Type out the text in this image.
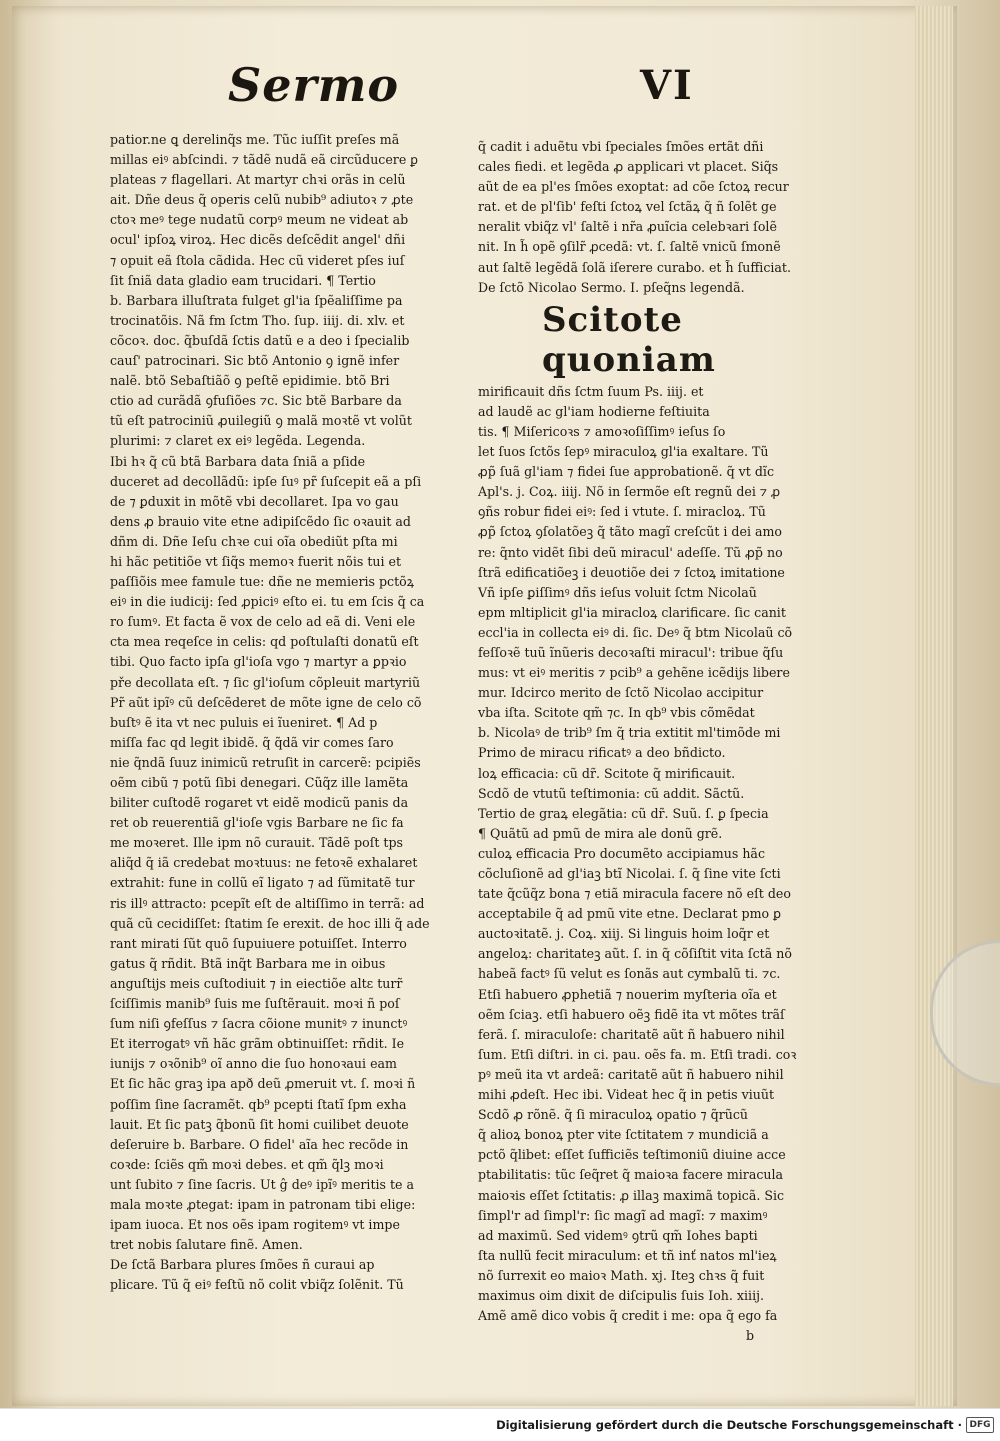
Sermo	VI
patior.ne ꝗ derelinq̃s me. Tũc iuſſit preſes mã
millas eiꝰ abſcindi. ⁊ tãdẽ nudã eã circũducere ꝑ
plateas ⁊ flagellari. At martyr chꝛi orãs in celũ
ait. Dñe deus q̃ operis celũ nubib⁹ adiutoꝛ ⁊ ꝓte
ctoꝛ meꝰ tege nudatũ corpꝰ meum ne videat ab
ocul' ipſoꝝ viroꝝ. Hec dicẽs deſcẽdit angel' dñi
⁊ opuit eã ſtola cãdida. Hec cũ videret pſes iuſ
ſit ſniã data gladio eam trucidari. ¶ Tertio
b. Barbara illuſtrata fulget gl'ia ſpẽaliſſime pa
trocinatõis. Nã fm ſctm Tho. ſup. iiij. di. xlv. et
cõcoꝛ. doc. q̃buſdã ſctis datũ e a deo i ſpecialib
cauſ' patrocinari. Sic btõ Antonio ꝯ ignẽ infer
nalẽ. btõ Sebaſtiãõ ꝯ peſtẽ epidimie. btõ Bri
ctio ad curãdã ꝯfuſiões ⁊c. Sic btẽ Barbare da
tũ eſt patrociniũ ꝓuilegiũ ꝯ malã moꝛtẽ vt volũt
plurimi: ⁊ claret ex eiꝰ legẽda. Legenda.
Ibi hꝛ q̃ cũ btã Barbara data ſniã a pſide
duceret ad decollãdũ: ipſe ſuꝰ pr̃ ſuſcepit eã a pſi
de ⁊ ꝑduxit in mõtẽ vbi decollaret. Ipa vo gau
dens ꝓ brauio vite etne adipiſcẽdo ſic oꝛauit ad
dñm di. Dñe Ieſu chꝛe cui oĩa obediũt pſta mi
hi hãc petitiõe vt ſiq̃s memoꝛ fuerit nõis tui et
paſſiõis mee famule tue: dñe ne memieris pctõꝝ
eiꝰ in die iudicij: ſed ꝓpiciꝰ eſto ei. tu em ſcis q̃ ca
ro ſumꝰ. Et facta ẽ vox de celo ad eã di. Veni ele
cta mea reqeſce in celis: qd poſtulaſti donatũ eſt
tibi. Quo facto ipſa gl'ioſa vgo ⁊ martyr a ꝑpꝛio
pře decollata eſt. ⁊ ſic gl'ioſum cõpleuit martyriũ
Pr̃ aũt ipĩꝰ cũ deſcẽderet de mõte igne de celo cõ
buſtꝰ ẽ ita vt nec puluis ei ĩueniret. ¶ Ad p
miſſa fac qd legit ibidẽ. q̃ q̃dã vir comes ſaro
nie q̃ndã ſuuz inimicũ retruſit in carcerẽ: pcipiẽs
oẽm cibũ ⁊ potũ ſibi denegari. Cũq̃z ille lamẽta
biliter cuſtodẽ rogaret vt eidẽ modicũ panis da
ret ob reuerentiã gl'ioſe vgis Barbare ne ſic fa
me moꝛeret. Ille ipm nõ curauit. Tãdẽ poſt tps
aliq̃d q̃ iã credebat moꝛtuus: ne fetoꝛẽ exhalaret
extrahit: fune in collũ eĩ ligato ⁊ ad ſũmitatẽ tur
ris illꝰ attracto: pcepĩt eſt de altiſſimo in terrã: ad
quã cũ cecidiſſet: ſtatim ſe erexit. de hoc illi q̃ ade
rant mirati ſũt quõ ſupuiuere potuiſſet. Interro
gatus q̃ rñdit. Btã inq̃t Barbara me in oibus
anguſtijs meis cuſtodiuit ⁊ in eiectiõe altɛ turr̃
ſciſſimis manib⁹ ſuis me ſuſtẽrauit. moꝛi ñ poſ
ſum niſi ꝯfeſſus ⁊ ſacra cõione munitꝰ ⁊ inunctꝰ
Et iterrogatꝰ vñ hãc grãm obtinuiſſet: rñdit. Ie
iunijs ⁊ oꝛõnib⁹ oĩ anno die ſuo honoꝛaui eam
Et ſic hãc graꝫ ipa apð deũ ꝓmeruit vt. ſ. moꝛi ñ
poſſim ſine ſacramẽt. qb⁹ pcepti ſtatĩ ſpm exha
lauit. Et ſic patꝫ q̃bonũ ſit homi cuilibet deuote
deſeruire b. Barbare. O fidel' aĩa hec recõde in
coꝛde: ſciẽs qm̃ moꝛi debes. et qm̃ q̃lꝫ moꝛi
unt ſubito ⁊ ſine ſacris. Ut ĝ deꝰ ipĩꝰ meritis te a
mala moꝛte ꝓtegat: ipam in patronam tibi elige:
ipam iuoca. Et nos oẽs ipam rogitemꝰ vt impe
tret nobis ſalutare finẽ. Amen.
De ſctã Barbara plures ſmões ñ curaui ap
plicare. Tũ q̃ eiꝰ feſtũ nõ colit vbiq̃z ſolẽnit. Tũ
q̃ cadit i aduẽtu vbi ſpeciales ſmões ertãt dñi
cales fiedi. et legẽda ꝓ applicari vt placet. Siq̃s
aũt de ea pl'es ſmões exoptat: ad cõe ſctoꝝ recur
rat. et de pl'ſib' feſti ſctoꝝ vel ſctãꝝ q̃ ñ ſolẽt ge
neralit vbiq̃z vl' ſaltẽ i nr̃a ꝓuĩcia celebꝛari ſolẽ
nit. In h̃ opẽ ꝯſilr̃ ꝓcedã: vt. ſ. ſaltẽ vnicũ ſmonẽ
aut ſaltẽ legẽdã ſolã iſerere curabo. et h̃ ſufficiat.
De ſctõ Nicolao Sermo. I. pſeq̃ns legendã.
Scitote quoniam
mirificauit dñs ſctm ſuum Ps. iiij. et
ad laudẽ ac gl'iam hodierne feſtiuita
tis. ¶ Miſericoꝛs ⁊ amoꝛoſiſſimꝰ ieſus ſo
let ſuos ſctõs ſepꝰ miraculoꝝ gl'ia exaltare. Tũ
ꝓp̃ ſuã gl'iam ⁊ fidei ſue approbationẽ. q̃ vt dĩc
Apl's. j. Coꝝ. iiij. Nõ in ſermõe eſt regnũ dei ⁊ ꝓ
ꝯñs robur fidei eiꝰ: ſed i vtute. ſ. miracloꝝ. Tũ
ꝓp̃ ſctoꝝ ꝯſolatõeꝫ q̃ tãto magĩ creſcũt i dei amo
re: q̃nto vidẽt ſibi deũ miracul' adeſſe. Tũ ꝓp̃ no
ſtrã edificatiõeꝫ i deuotiõe dei ⁊ ſctoꝝ imitatione
Vñ ipſe ꝑiſſimꝰ dñs ieſus voluit ſctm Nicolaũ
epm mltiplicit gl'ia miracloꝝ clarificare. ſic canit
eccl'ia in collecta eiꝰ di. ſic. Deꝰ q̃ btm Nicolaũ cõ
feſſoꝛẽ tuũ ĩnũeris decoꝛaſti miracul': tribue q̃ſu
mus: vt eiꝰ meritis ⁊ pcib⁹ a gehẽne icẽdijs libere
mur. Idcirco merito de ſctõ Nicolao accipitur
vba iſta. Scitote qm̃ ⁊c. In qb⁹ vbis cõmẽdat
b. Nicolaꝰ de trib⁹ ſm q̃ tria extitit ml'timõde mi
Primo de miracu rificatꝰ a deo bñdicto.
loꝝ efficacia: cũ dr̃. Scitote q̃ mirificauit.
Scdõ de vtutũ teſtimonia: cũ addit. Sãctũ.
Tertio de graꝝ elegãtia: cũ dr̃. Suũ. ſ. ꝑ ſpecia
¶ Quãtũ ad pmũ de mira ale donũ grẽ.
culoꝝ efficacia Pro documẽto accipiamus hãc
cõcluſionẽ ad gl'iaꝫ btĩ Nicolai. ſ. q̃ ſine vite ſcti
tate q̃cũq̃z bona ⁊ etiã miracula facere nõ eſt deo
acceptabile q̃ ad pmũ vite etne. Declarat pmo ꝑ
auctoꝛitatẽ. j. Coꝝ. xiij. Si linguis hoim loq̃r et
angeloꝝ: charitateꝫ aũt. ſ. in q̃ cõſiſtit vita ſctã nõ
habeã factꝰ ſũ velut es ſonãs aut cymbalũ ti. ⁊c.
Etſi habuero ꝓphetiã ⁊ nouerim myſteria oĩa et
oẽm ſciaꝫ. etſi habuero oẽꝫ fidẽ ita vt mõtes trãſ
ferã. ſ. miraculoſe: charitatẽ aũt ñ habuero nihil
ſum. Etſi diſtri. in ci. pau. oẽs fa. m. Etſi tradi. coꝛ
pꝰ meũ ita vt ardeã: caritatẽ aũt ñ habuero nihil
mihi ꝓdeſt. Hec ibi. Videat hec q̃ in petis viuũt
Scdõ ꝓ rõnẽ. q̃ ſi miraculoꝝ opatio ⁊ q̃rũcũ
q̃ alioꝝ bonoꝝ pter vite ſctitatem ⁊ mundiciã a
pctõ q̃libet: eſſet ſufficiẽs teſtimoniũ diuine acce
ptabilitatis: tũc ſeq̃ret q̃ maioꝛa facere miracula
maioꝛis eſſet ſctitatis: ꝓ illaꝫ maximã topicã. Sic
ſimpl'r ad ſimpl'r: ſic magĩ ad magĩ: ⁊ maximꝰ
ad maximũ. Sed videmꝰ ꝯtrũ qm̃ Iohes bapti
ſta nullũ fecit miraculum: et tñ inť natos ml'ieꝝ
nõ ſurrexit eo maioꝛ Math. xj. Iteꝫ chꝛs q̃ fuit
maximus oim dixit de diſcipulis ſuis Ioh. xiiij.
Amẽ amẽ dico vobis q̃ credit i me: opa q̃ ego fa
b
Digitalisierung gefördert durch die Deutsche Forschungsgemeinschaft · DFG
